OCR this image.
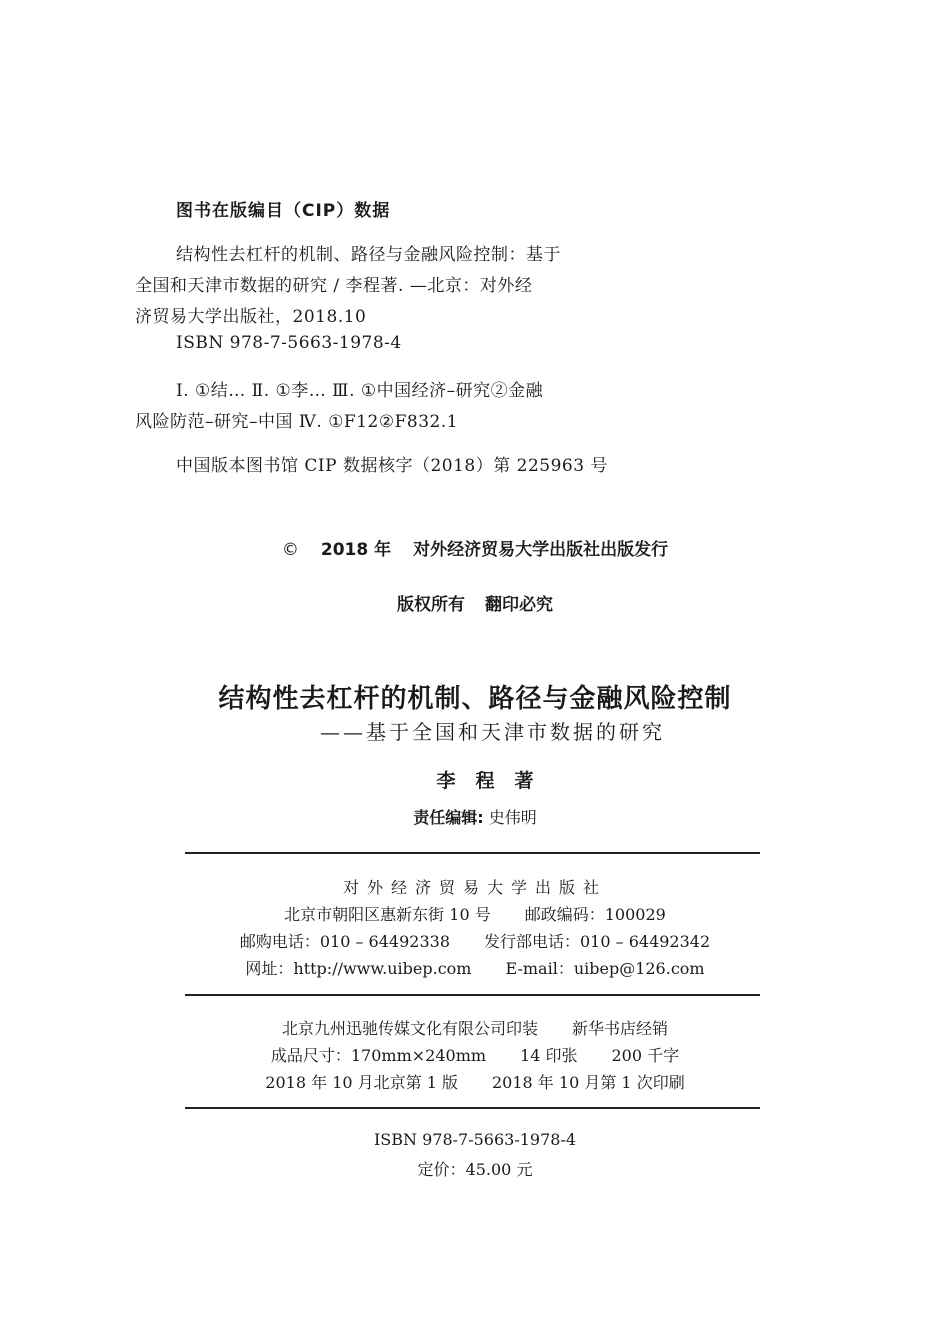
图书在版编目（CIP）数据
结构性去杠杆的机制、路径与金融风险控制：基于
全国和天津市数据的研究 / 李程著. —北京：对外经
济贸易大学出版社，2018.10
ISBN 978-7-5663-1978-4
Ⅰ. ①结… Ⅱ. ①李… Ⅲ. ①中国经济–研究②金融
风险防范–研究–中国 Ⅳ. ①F12②F832.1
中国版本图书馆 CIP 数据核字（2018）第 225963 号
© 2018 年 对外经济贸易大学出版社出版发行
版权所有 翻印必究
结构性去杠杆的机制、路径与金融风险控制
——基于全国和天津市数据的研究
李程著
责任编辑: 史伟明
对外经济贸易大学出版社
北京市朝阳区惠新东街 10 号 邮政编码：100029
邮购电话：010 – 64492338 发行部电话：010 – 64492342
网址：http://www.uibep.com E-mail：uibep@126.com
北京九州迅驰传媒文化有限公司印装 新华书店经销
成品尺寸：170mm×240mm 14 印张 200 千字
2018 年 10 月北京第 1 版 2018 年 10 月第 1 次印刷
ISBN 978-7-5663-1978-4
定价：45.00 元
